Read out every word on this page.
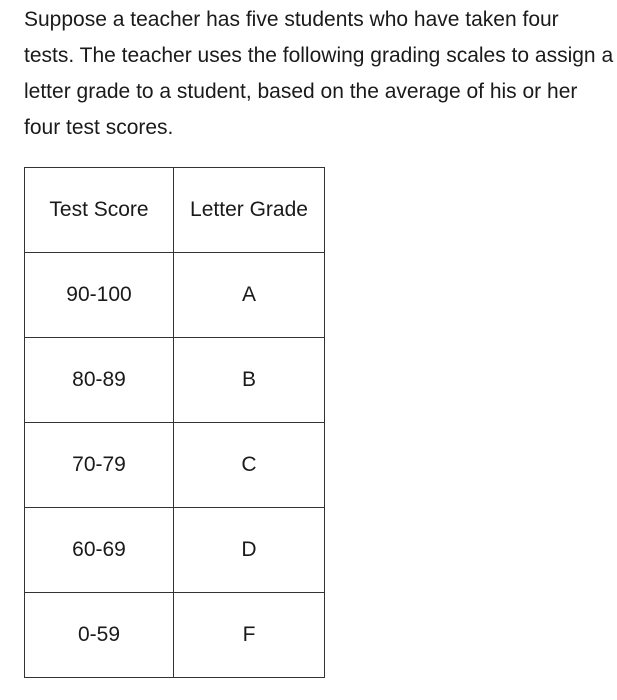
Suppose a teacher has five students who have taken four tests. The teacher uses the following grading scales to assign a letter grade to a student, based on the average of his or her four test scores.

Test Score	Letter Grade
90-100	A
80-89	B
70-79	C
60-69	D
0-59	F
